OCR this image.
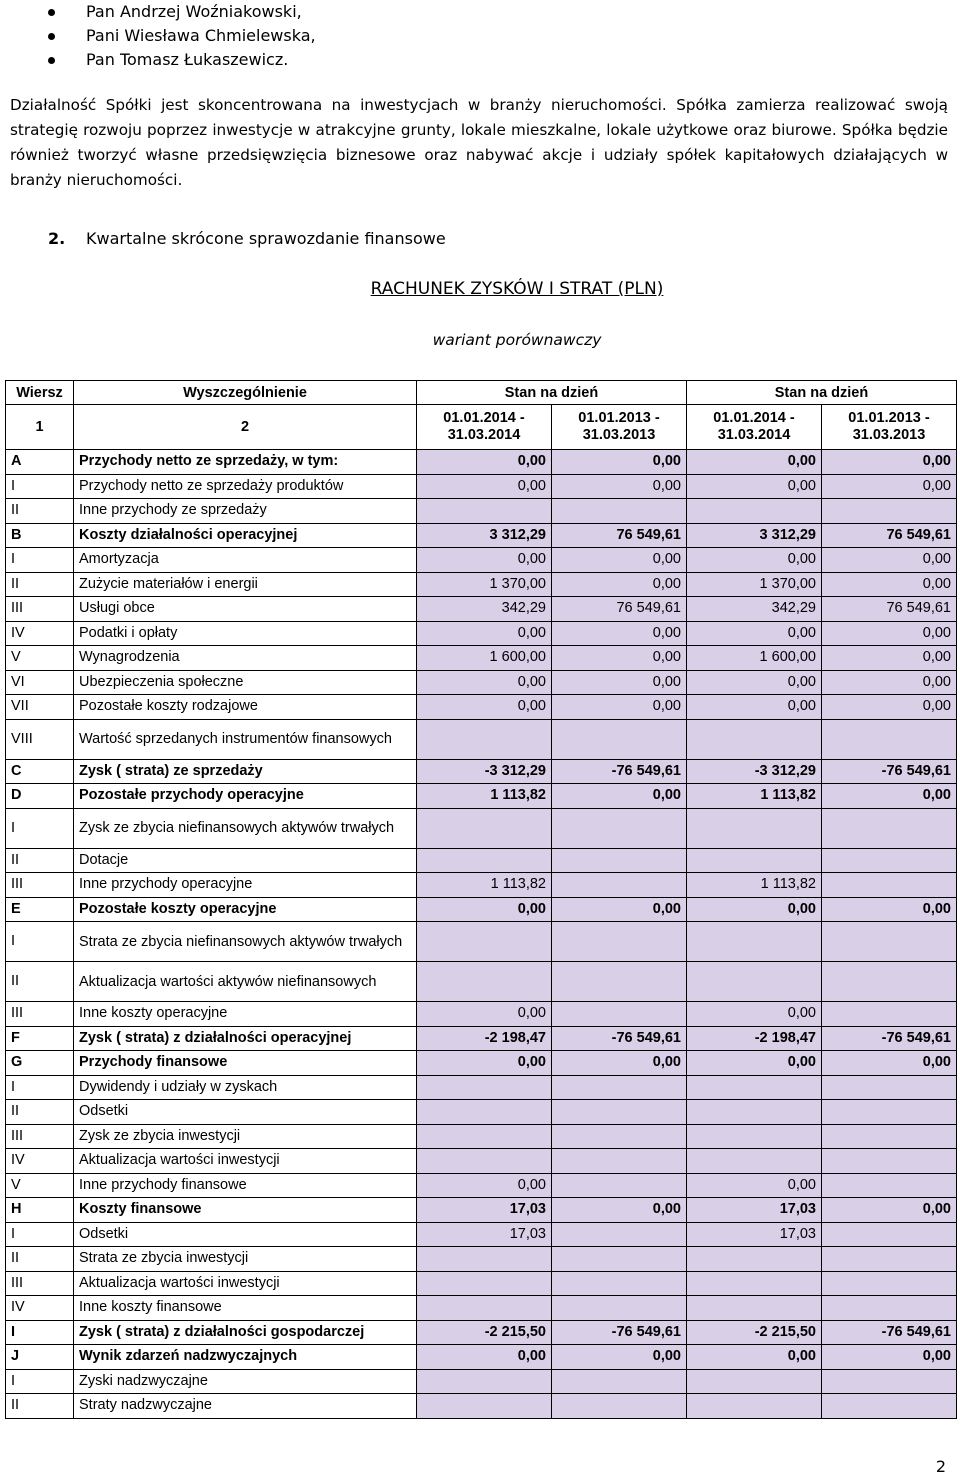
Pan Andrzej Woźniakowski,
Pani Wiesława Chmielewska,
Pan Tomasz Łukaszewicz.

Działalność Spółki jest skoncentrowana na inwestycjach w branży nieruchomości. Spółka zamierza realizować swoją strategię rozwoju poprzez inwestycje w atrakcyjne grunty, lokale mieszkalne, lokale użytkowe oraz biurowe. Spółka będzie również tworzyć własne przedsięwzięcia biznesowe oraz nabywać akcje i udziały spółek kapitałowych działających w branży nieruchomości.

2. Kwartalne skrócone sprawozdanie finansowe
RACHUNEK ZYSKÓW I STRAT (PLN)
wariant porównawczy
Wiersz	Wyszczególnienie	Stan na dzień		Stan na dzień	
1	2	01.01.2014 - 31.03.2014	01.01.2013 - 31.03.2013	01.01.2014 - 31.03.2014	01.01.2013 - 31.03.2013
A	Przychody netto ze sprzedaży, w tym:	0,00	0,00	0,00	0,00
I	Przychody netto ze sprzedaży produktów	0,00	0,00	0,00	0,00
II	Inne przychody ze sprzedaży				
B	Koszty działalności operacyjnej	3 312,29	76 549,61	3 312,29	76 549,61
I	Amortyzacja	0,00	0,00	0,00	0,00
II	Zużycie materiałów i energii	1 370,00	0,00	1 370,00	0,00
III	Usługi obce	342,29	76 549,61	342,29	76 549,61
IV	Podatki i opłaty	0,00	0,00	0,00	0,00
V	Wynagrodzenia	1 600,00	0,00	1 600,00	0,00
VI	Ubezpieczenia społeczne	0,00	0,00	0,00	0,00
VII	Pozostałe koszty rodzajowe	0,00	0,00	0,00	0,00
VIII	Wartość sprzedanych instrumentów finansowych				
C	Zysk ( strata) ze sprzedaży	-3 312,29	-76 549,61	-3 312,29	-76 549,61
D	Pozostałe przychody operacyjne	1 113,82	0,00	1 113,82	0,00
I	Zysk ze zbycia niefinansowych aktywów trwałych				
II	Dotacje				
III	Inne przychody operacyjne	1 113,82		1 113,82	
E	Pozostałe koszty operacyjne	0,00	0,00	0,00	0,00
I	Strata ze zbycia niefinansowych aktywów trwałych				
II	Aktualizacja wartości aktywów niefinansowych				
III	Inne koszty operacyjne	0,00		0,00	
F	Zysk ( strata) z działalności operacyjnej	-2 198,47	-76 549,61	-2 198,47	-76 549,61
G	Przychody finansowe	0,00	0,00	0,00	0,00
I	Dywidendy i udziały w zyskach				
II	Odsetki				
III	Zysk ze zbycia inwestycji				
IV	Aktualizacja wartości inwestycji				
V	Inne przychody finansowe	0,00		0,00	
H	Koszty finansowe	17,03	0,00	17,03	0,00
I	Odsetki	17,03		17,03	
II	Strata ze zbycia inwestycji				
III	Aktualizacja wartości inwestycji				
IV	Inne koszty finansowe				
I	Zysk ( strata) z działalności gospodarczej	-2 215,50	-76 549,61	-2 215,50	-76 549,61
J	Wynik zdarzeń nadzwyczajnych	0,00	0,00	0,00	0,00
I	Zyski nadzwyczajne				
II	Straty nadzwyczajne				
2
